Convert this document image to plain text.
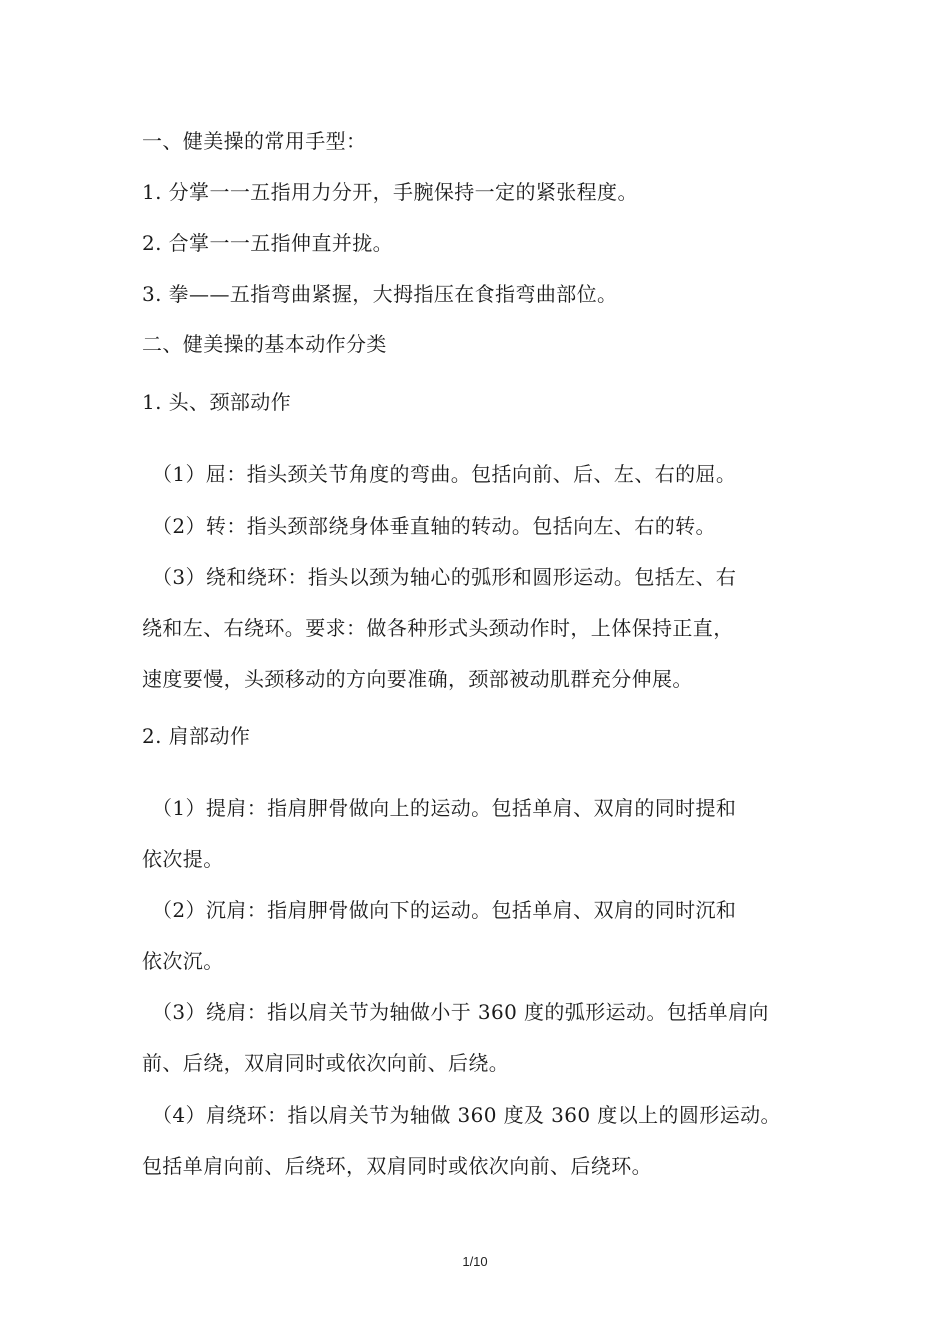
一、健美操的常用手型：
1. 分掌一一五指用力分开，手腕保持一定的紧张程度。
2. 合掌一一五指伸直并拢。
3. 拳——五指弯曲紧握，大拇指压在食指弯曲部位。
二、健美操的基本动作分类
1. 头、颈部动作
（1）屈：指头颈关节角度的弯曲。包括向前、后、左、右的屈。
（2）转：指头颈部绕身体垂直轴的转动。包括向左、右的转。
（3）绕和绕环：指头以颈为轴心的弧形和圆形运动。包括左、右
绕和左、右绕环。要求：做各种形式头颈动作时，上体保持正直，
速度要慢，头颈移动的方向要准确，颈部被动肌群充分伸展。
2. 肩部动作
（1）提肩：指肩胛骨做向上的运动。包括单肩、双肩的同时提和
依次提。
（2）沉肩：指肩胛骨做向下的运动。包括单肩、双肩的同时沉和
依次沉。
（3）绕肩：指以肩关节为轴做小于 360 度的弧形运动。包括单肩向
前、后绕，双肩同时或依次向前、后绕。
（4）肩绕环：指以肩关节为轴做 360 度及 360 度以上的圆形运动。
包括单肩向前、后绕环，双肩同时或依次向前、后绕环。
1/10
